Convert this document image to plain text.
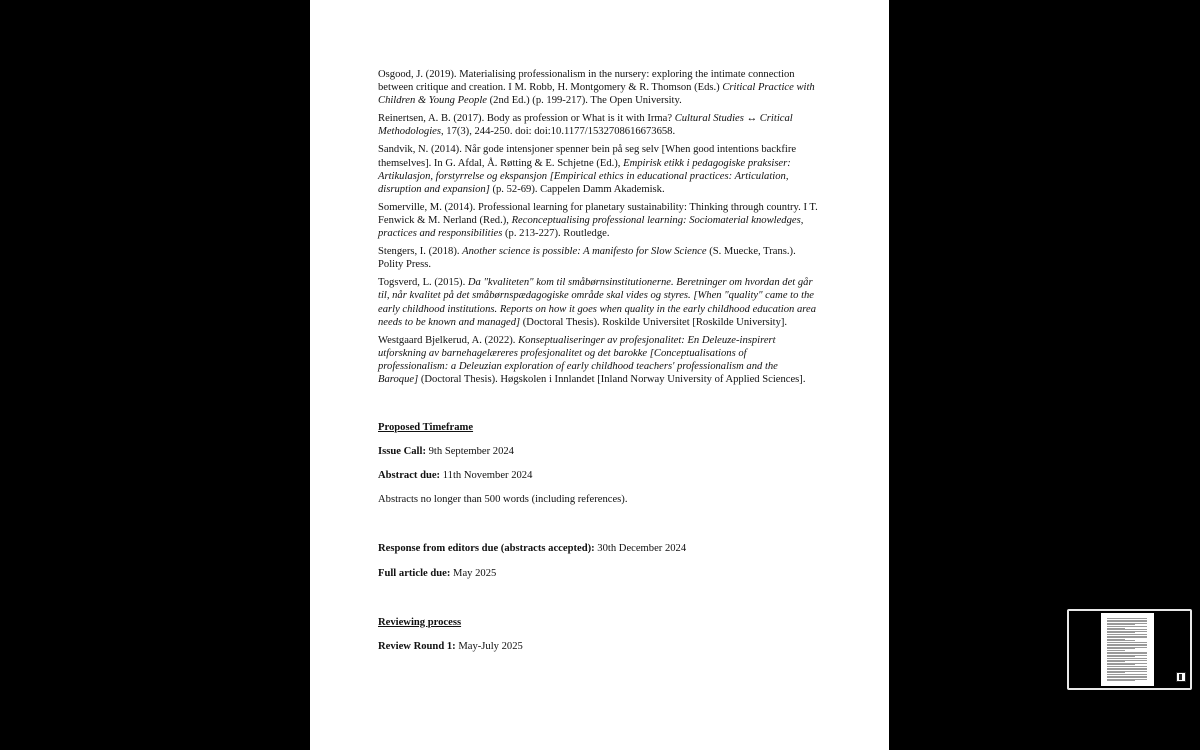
Osgood, J. (2019). Materialising professionalism in the nursery: exploring the intimate connection between critique and creation. I M. Robb, H. Montgomery & R. Thomson (Eds.) Critical Practice with Children & Young People (2nd Ed.) (p. 199-217). The Open University.

Reinertsen, A. B. (2017). Body as profession or What is it with Irma? Cultural Studies ↔ Critical Methodologies, 17(3), 244-250. doi: doi:10.1177/1532708616673658.

Sandvik, N. (2014). Når gode intensjoner spenner bein på seg selv [When good intentions backfire themselves]. In G. Afdal, Å. Røtting & E. Schjetne (Ed.), Empirisk etikk i pedagogiske praksiser: Artikulasjon, forstyrrelse og ekspansjon [Empirical ethics in educational practices: Articulation, disruption and expansion] (p. 52-69). Cappelen Damm Akademisk.

Somerville, M. (2014). Professional learning for planetary sustainability: Thinking through country. I T. Fenwick & M. Nerland (Red.), Reconceptualising professional learning: Sociomaterial knowledges, practices and responsibilities (p. 213-227). Routledge.

Stengers, I. (2018). Another science is possible: A manifesto for Slow Science (S. Muecke, Trans.). Polity Press.

Togsverd, L. (2015). Da "kvaliteten" kom til småbørnsinstitutionerne. Beretninger om hvordan det går til, når kvalitet på det småbørnspædagogiske område skal vides og styres. [When "quality" came to the early childhood institutions. Reports on how it goes when quality in the early childhood education area needs to be known and managed] (Doctoral Thesis). Roskilde Universitet [Roskilde University].

Westgaard Bjelkerud, A. (2022). Konseptualiseringer av profesjonalitet: En Deleuze-inspirert utforskning av barnehagelæreres profesjonalitet og det barokke [Conceptualisations of professionalism: a Deleuzian exploration of early childhood teachers' professionalism and the Baroque] (Doctoral Thesis). Høgskolen i Innlandet [Inland Norway University of Applied Sciences].

Proposed Timeframe

Issue Call: 9th September 2024

Abstract due: 11th November 2024

Abstracts no longer than 500 words (including references).

Response from editors due (abstracts accepted): 30th December 2024

Full article due: May 2025

Reviewing process

Review Round 1: May-July 2025
